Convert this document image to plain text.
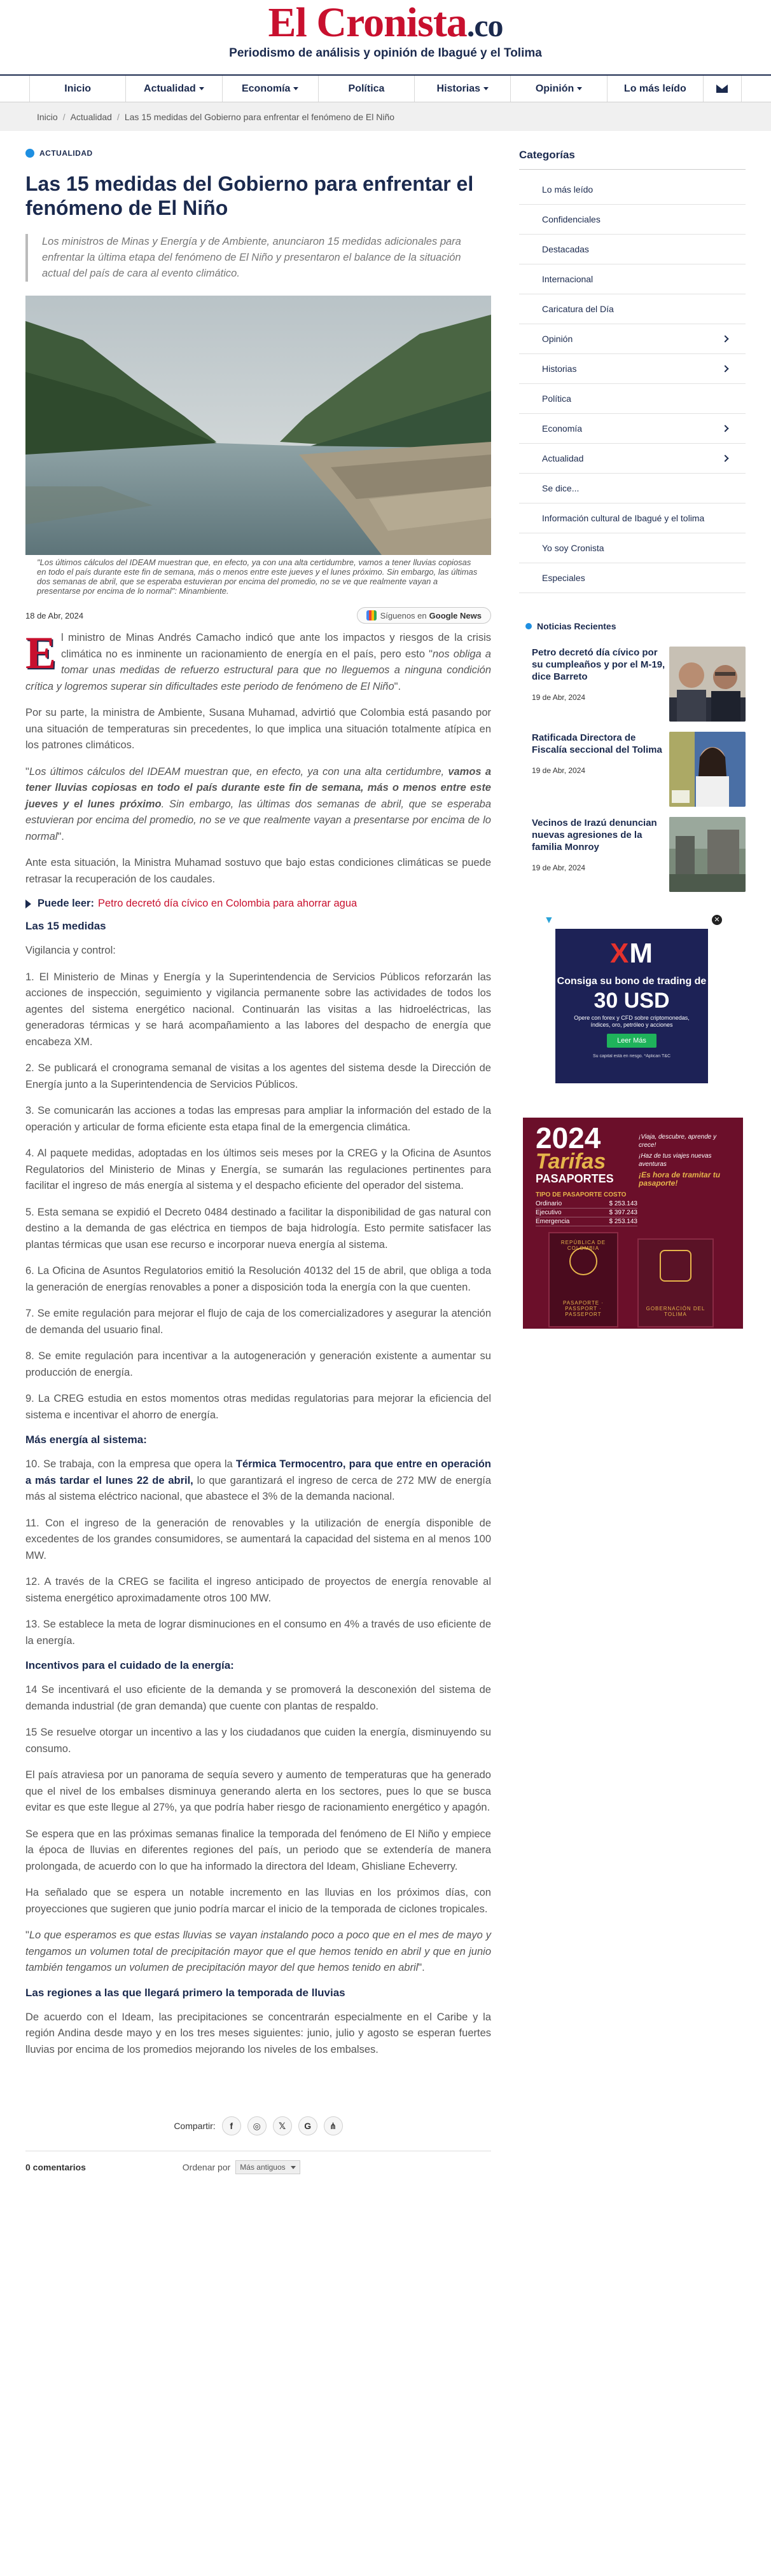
El Cronista.co
Periodismo de análisis y opinión de Ibagué y el Tolima
Inicio	Actualidad	Economía	Política	Historias	Opinión	Lo más leído
Inicio / Actualidad / Las 15 medidas del Gobierno para enfrentar el fenómeno de El Niño
ACTUALIDAD
Las 15 medidas del Gobierno para enfrentar el fenómeno de El Niño

Los ministros de Minas y Energía y de Ambiente, anunciaron 15 medidas adicionales para enfrentar la última etapa del fenómeno de El Niño y presentaron el balance de la situación actual del país de cara al evento climático.

"Los últimos cálculos del IDEAM muestran que, en efecto, ya con una alta certidumbre, vamos a tener lluvias copiosas en todo el país durante este fin de semana, más o menos entre este jueves y el lunes próximo. Sin embargo, las últimas dos semanas de abril, que se esperaba estuvieran por encima del promedio, no se ve que realmente vayan a presentarse por encima de lo normal": Minambiente.

18 de Abr, 2024	Síguenos en Google News

El ministro de Minas Andrés Camacho indicó que ante los impactos y riesgos de la crisis climática no es inminente un racionamiento de energía en el país, pero esto "nos obliga a tomar unas medidas de refuerzo estructural para que no lleguemos a ninguna condición crítica y logremos superar sin dificultades este periodo de fenómeno de El Niño".

Por su parte, la ministra de Ambiente, Susana Muhamad, advirtió que Colombia está pasando por una situación de temperaturas sin precedentes, lo que implica una situación totalmente atípica en los patrones climáticos.

"Los últimos cálculos del IDEAM muestran que, en efecto, ya con una alta certidumbre, vamos a tener lluvias copiosas en todo el país durante este fin de semana, más o menos entre este jueves y el lunes próximo. Sin embargo, las últimas dos semanas de abril, que se esperaba estuvieran por encima del promedio, no se ve que realmente vayan a presentarse por encima de lo normal".

Ante esta situación, la Ministra Muhamad sostuvo que bajo estas condiciones climáticas se puede retrasar la recuperación de los caudales.

Puede leer: Petro decretó día cívico en Colombia para ahorrar agua
Las 15 medidas

Vigilancia y control:

1. El Ministerio de Minas y Energía y la Superintendencia de Servicios Públicos reforzarán las acciones de inspección, seguimiento y vigilancia permanente sobre las actividades de todos los agentes del sistema energético nacional. Continuarán las visitas a las hidroeléctricas, las generadoras térmicas y se hará acompañamiento a las labores del despacho de energía que encabeza XM.

2. Se publicará el cronograma semanal de visitas a los agentes del sistema desde la Dirección de Energía junto a la Superintendencia de Servicios Públicos.

3. Se comunicarán las acciones a todas las empresas para ampliar la información del estado de la operación y articular de forma eficiente esta etapa final de la emergencia climática.

4. Al paquete medidas, adoptadas en los últimos seis meses por la CREG y la Oficina de Asuntos Regulatorios del Ministerio de Minas y Energía, se sumarán las regulaciones pertinentes para facilitar el ingreso de más energía al sistema y el despacho eficiente del operador del sistema.

5. Esta semana se expidió el Decreto 0484 destinado a facilitar la disponibilidad de gas natural con destino a la demanda de gas eléctrica en tiempos de baja hidrología. Esto permite satisfacer las plantas térmicas que usan ese recurso e incorporar nueva energía al sistema.

6. La Oficina de Asuntos Regulatorios emitió la Resolución 40132 del 15 de abril, que obliga a toda la generación de energías renovables a poner a disposición toda la energía con la que cuenten.

7. Se emite regulación para mejorar el flujo de caja de los comercializadores y asegurar la atención de demanda del usuario final.

8. Se emite regulación para incentivar a la autogeneración y generación existente a aumentar su producción de energía.

9. La CREG estudia en estos momentos otras medidas regulatorias para mejorar la eficiencia del sistema e incentivar el ahorro de energía.

Más energía al sistema:

10. Se trabaja, con la empresa que opera la Térmica Termocentro, para que entre en operación a más tardar el lunes 22 de abril, lo que garantizará el ingreso de cerca de 272 MW de energía más al sistema eléctrico nacional, que abastece el 3% de la demanda nacional.

11. Con el ingreso de la generación de renovables y la utilización de energía disponible de excedentes de los grandes consumidores, se aumentará la capacidad del sistema en al menos 100 MW.

12. A través de la CREG se facilita el ingreso anticipado de proyectos de energía renovable al sistema energético aproximadamente otros 100 MW.

13. Se establece la meta de lograr disminuciones en el consumo en 4% a través de uso eficiente de la energía.

Incentivos para el cuidado de la energía:

14 Se incentivará el uso eficiente de la demanda y se promoverá la desconexión del sistema de demanda industrial (de gran demanda) que cuente con plantas de respaldo.

15 Se resuelve otorgar un incentivo a las y los ciudadanos que cuiden la energía, disminuyendo su consumo.

El país atraviesa por un panorama de sequía severo y aumento de temperaturas que ha generado que el nivel de los embalses disminuya generando alerta en los sectores, pues lo que se busca evitar es que este llegue al 27%, ya que podría haber riesgo de racionamiento energético y apagón.

Se espera que en las próximas semanas finalice la temporada del fenómeno de El Niño y empiece la época de lluvias en diferentes regiones del país, un periodo que se extendería de manera prolongada, de acuerdo con lo que ha informado la directora del Ideam, Ghisliane Echeverry.

Ha señalado que se espera un notable incremento en las lluvias en los próximos días, con proyecciones que sugieren que junio podría marcar el inicio de la temporada de ciclones tropicales.

"Lo que esperamos es que estas lluvias se vayan instalando poco a poco que en el mes de mayo y tengamos un volumen total de precipitación mayor que el que hemos tenido en abril y que en junio también tengamos un volumen de precipitación mayor del que hemos tenido en abril".

Las regiones a las que llegará primero la temporada de lluvias

De acuerdo con el Ideam, las precipitaciones se concentrarán especialmente en el Caribe y la región Andina desde mayo y en los tres meses siguientes: junio, julio y agosto se esperan fuertes lluvias por encima de los promedios mejorando los niveles de los embalses.

Compartir:	f	◎	𝕏	G	⋔
0 comentarios	Ordenar por	Más antiguos
Categorías
Lo más leído
Confidenciales
Destacadas
Internacional
Caricatura del Día
Opinión
Historias
Política
Economía
Actualidad
Se dice...
Información cultural de Ibagué y el tolima
Yo soy Cronista
Especiales
Noticias Recientes
Petro decretó día cívico por su cumpleaños y por el M-19, dice Barreto
19 de Abr, 2024
Ratificada Directora de Fiscalía seccional del Tolima
19 de Abr, 2024
Vecinos de Irazú denuncian nuevas agresiones de la familia Monroy
19 de Abr, 2024
▼	✕
XM
Consiga su bono de trading de
30 USD
Opere con forex y CFD sobre criptomonedas, índices, oro, petróleo y acciones
Leer Más
Su capital está en riesgo. *Aplican T&C
2024
Tarifas
PASAPORTES
¡Viaja, descubre, aprende y crece!
¡Haz de tus viajes nuevas aventuras
¡Es hora de tramitar tu pasaporte!
TIPO DE PASAPORTE COSTO
Ordinario	$ 253.143
Ejecutivo	$ 397.243
Emergencia	$ 253.143
REPÚBLICA DE COLOMBIA
PASAPORTE · PASSPORT · PASSEPORT
GOBERNACIÓN DEL TOLIMA
